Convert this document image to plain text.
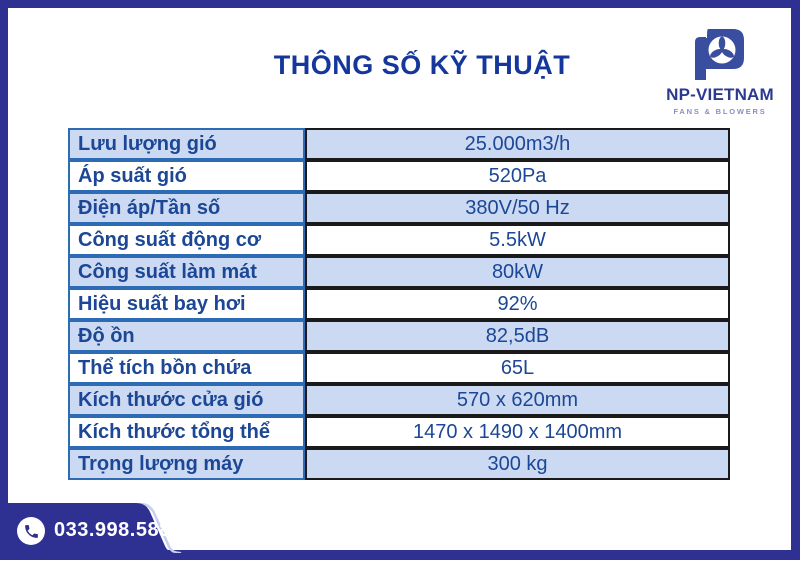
THÔNG SỐ KỸ THUẬT
NP-VIETNAM
FANS & BLOWERS
Lưu lượng gió	25.000m3/h
Áp suất gió	520Pa
Điện áp/Tần số	380V/50 Hz
Công suất động cơ	5.5kW
Công suất làm mát	80kW
Hiệu suất bay hơi	92%
Độ ồn	82,5dB
Thể tích bồn chứa	65L
Kích thước cửa gió	570 x 620mm
Kích thước tổng thể	1470 x 1490 x 1400mm
Trọng lượng máy	300 kg
033.998.5885
